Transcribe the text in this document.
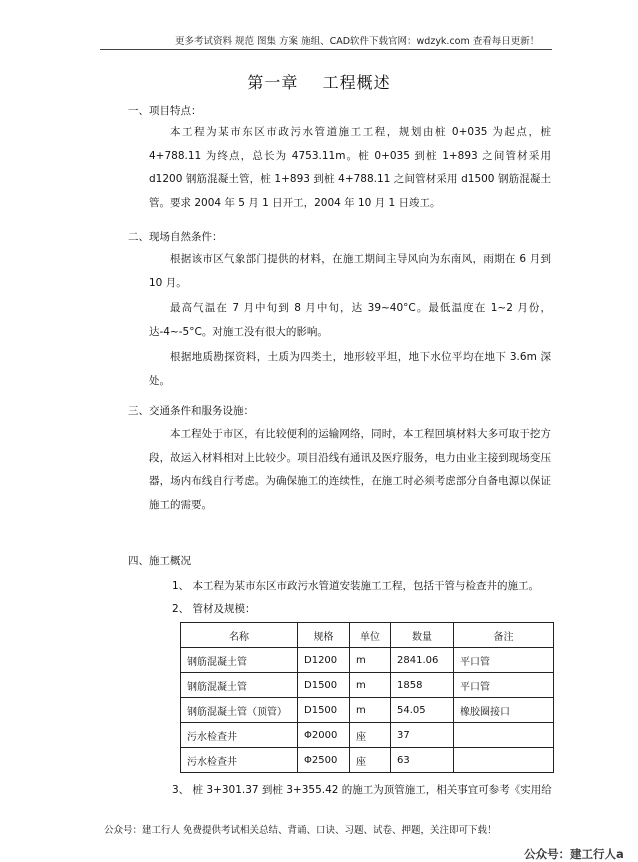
更多考试资料 规范 图集 方案 施组、CAD软件下载官网：wdzyk.com 查看每日更新！
第一章    工程概述
一、项目特点：

本工程为某市东区市政污水管道施工工程，规划由桩 0+035 为起点，桩 4+788.11 为终点，总长为 4753.11m。桩 0+035 到桩 1+893 之间管材采用 d1200 钢筋混凝土管，桩 1+893 到桩 4+788.11 之间管材采用 d1500 钢筋混凝土管。要求 2004 年 5 月 1 日开工，2004 年 10 月 1 日竣工。

二、现场自然条件：

根据该市区气象部门提供的材料，在施工期间主导风向为东南风，雨期在 6 月到 10 月。

最高气温在 7 月中旬到 8 月中旬，达 39~40°C。最低温度在 1~2 月份，达-4~-5°C。对施工没有很大的影响。

根据地质勘探资料，土质为四类土，地形较平坦，地下水位平均在地下 3.6m 深处。

三、交通条件和服务设施：

本工程处于市区，有比较便利的运输网络，同时，本工程回填材料大多可取于挖方段，故运入材料相对上比较少。项目沿线有通讯及医疗服务，电力由业主接到现场变压器，场内布线自行考虑。为确保施工的连续性，在施工时必须考虑部分自备电源以保证施工的需要。

四、施工概况
1、 本工程为某市东区市政污水管道安装施工工程，包括干管与检查井的施工。
2、 管材及规模：
名称	规格	单位	数量	备注
钢筋混凝土管	D1200	m	2841.06	平口管
钢筋混凝土管	D1500	m	1858	平口管
钢筋混凝土管（顶管）	D1500	m	54.05	橡胶圈接口
污水检查井	Φ2000	座	37	
污水检查井	Φ2500	座	63	
3、 桩 3+301.37 到桩 3+355.42 的施工为顶管施工，相关事宜可参考《实用给
公众号：建工行人 免费提供考试相关总结、背诵、口诀、习题、试卷、押题，关注即可下载！
公众号：建工行人a
